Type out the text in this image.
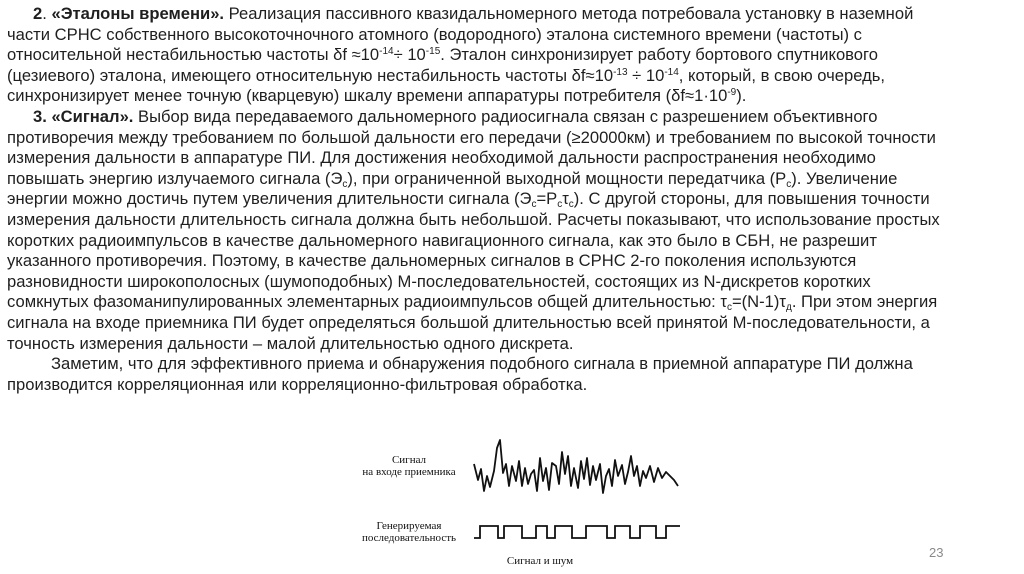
2. «Эталоны времени». Реализация пассивного квазидальномерного метода потребовала установку в наземной
части СРНС собственного высокоточночного атомного (водородного) эталона системного времени (частоты) с
относительной нестабильностью частоты $\delta f \approx 10^{-14}\div 10^{-15}$. Эталон синхронизирует работу бортового спутникового
(цезиевого) эталона, имеющего относительную нестабильность частоты $\delta f\approx 10^{-13} \div 10^{-14}$, который, в свою очередь,
синхронизирует менее точную (кварцевую) шкалу времени аппаратуры потребителя $(\delta f\approx 1\cdot 10^{-9})$.
3. «Сигнал». Выбор вида передаваемого дальномерного радиосигнала связан с разрешением объективного
противоречия между требованием по большой дальности его передачи (≥20000км) и требованием по высокой точности
измерения дальности в аппаратуре ПИ. Для достижения необходимой дальности распространения необходимо
повышать энергию излучаемого сигнала $(Э_с)$, при ограниченной выходной мощности передатчика $(Р_с)$. Увеличение
энергии можно достичь путем увеличения длительности сигнала $(Э_с=Р_с\tau_с)$. С другой стороны, для повышения точности
измерения дальности длительность сигнала должна быть небольшой. Расчеты показывают, что использование простых
коротких радиоимпульсов в качестве дальномерного навигационного сигнала, как это было в СБН, не разрешит
указанного противоречия. Поэтому, в качестве дальномерных сигналов в СРНС 2-го поколения используются
разновидности широкополосных (шумоподобных) М-последовательностей, состоящих из N-дискретов коротких
сомкнутых фазоманипулированных элементарных радиоимпульсов общей длительностью: $\tau_с=(N-1)\tau_д$. При этом энергия
сигнала на входе приемника ПИ будет определяться большой длительностью всей принятой М-последовательности, а
точность измерения дальности – малой длительностью одного дискрета.
Заметим, что для эффективного приема и обнаружения подобного сигнала в приемной аппаратуре ПИ должна
производится корреляционная или корреляционно-фильтровая обработка.
Сигнал
на входе приемника
Генерируемая
последовательность
Сигнал и шум
23
